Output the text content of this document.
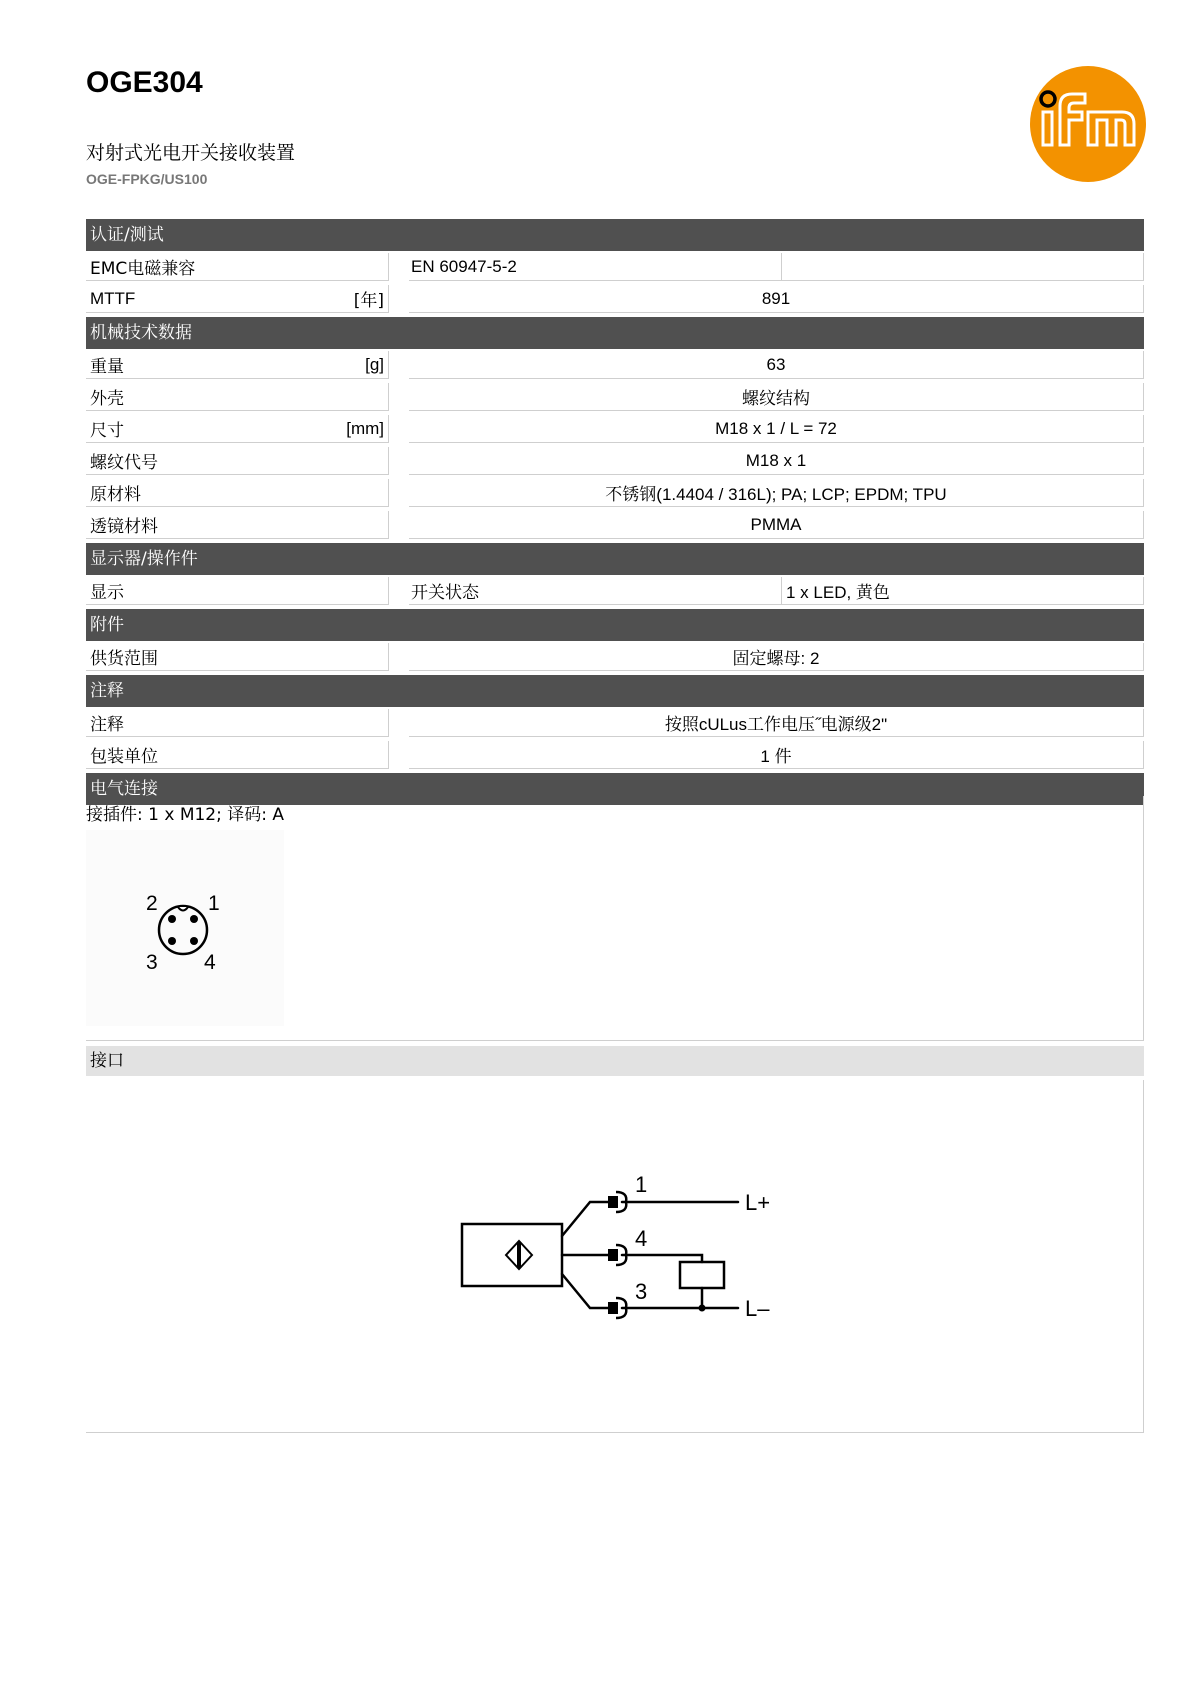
OGE304
对射式光电开关接收装置
OGE-FPKG/US100
认证/测试
EMC电磁兼容	EN 60947-5-2
MTTF	[年]	891
机械技术数据
重量	[g]	63
外壳	螺纹结构
尺寸	[mm]	M18 x 1 / L = 72
螺纹代号	M18 x 1
原材料	不锈钢(1.4404 / 316L); PA; LCP; EPDM; TPU
透镜材料	PMMA
显示器/操作件
显示	开关状态	1 x LED, 黄色
附件
供货范围	固定螺母: 2
注释
注释	按照cULus工作电压˝电源级2"
包装单位	1 件
电气连接
接插件: 1 x M12; 译码: A
2 1
3 4
接口
1
4
3
L+
L–
